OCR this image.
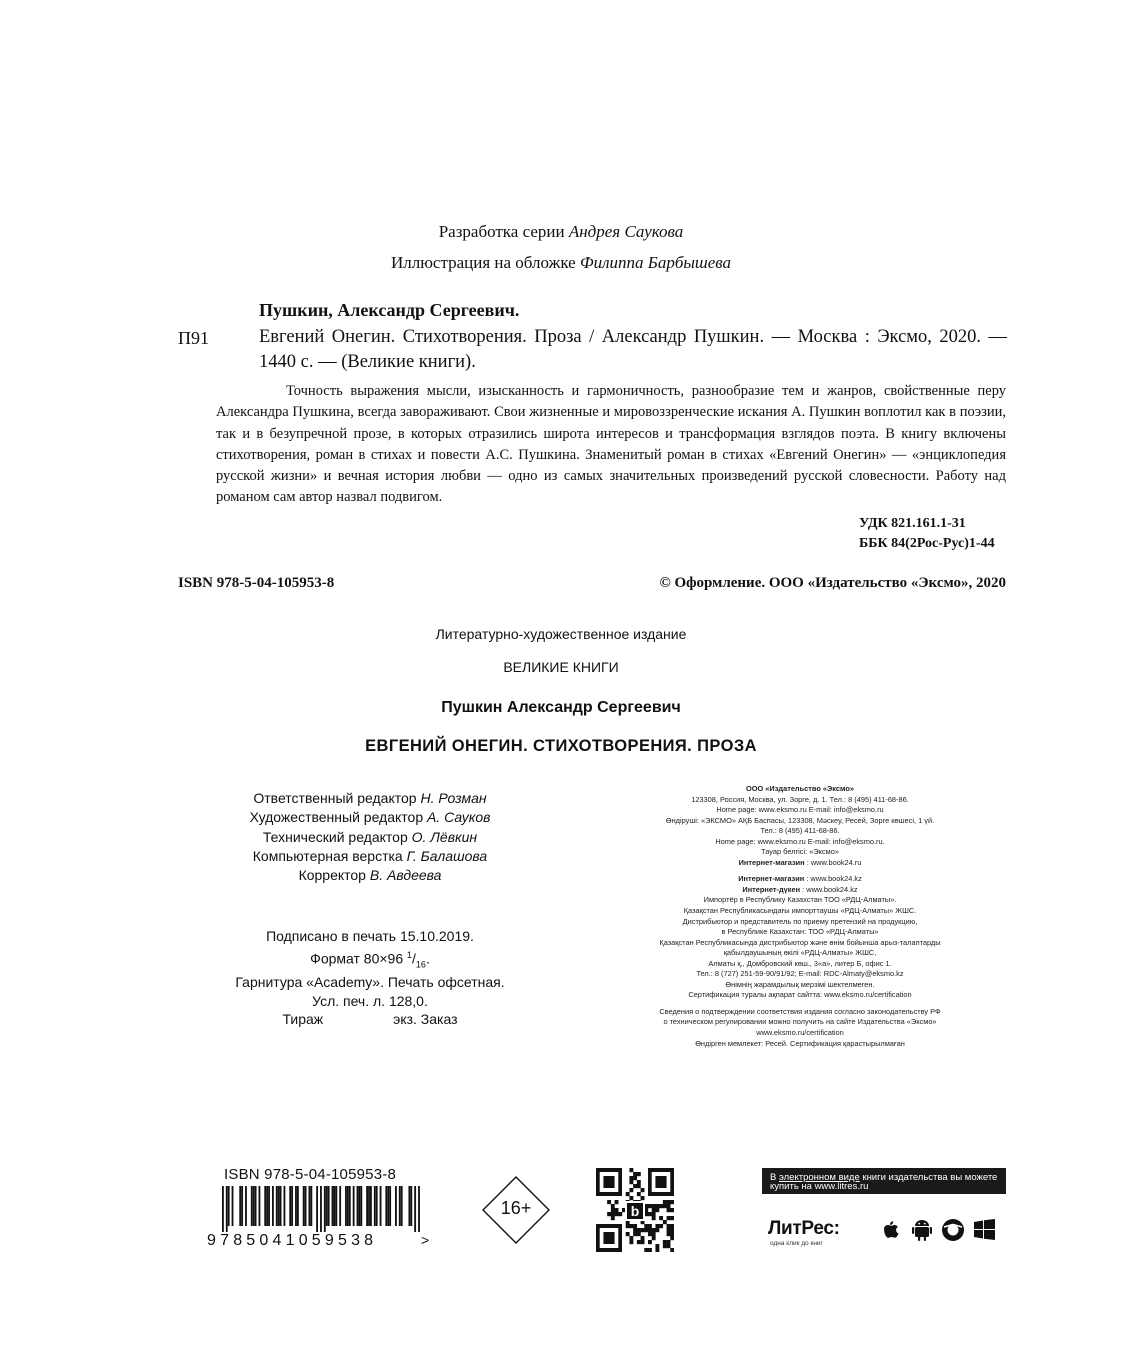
Разработка серии Андрея Саукова
Иллюстрация на обложке Филиппа Барбышева
Пушкин, Александр Сергеевич.
П91	Евгений Онегин. Стихотворения. Проза / Александр Пушкин. — Москва : Эксмо, 2020. — 1440 с. — (Великие книги).

Точность выражения мысли, изысканность и гармоничность, разнообразие тем и жанров, свойственные перу Александра Пушкина, всегда завораживают. Свои жизненные и мировоззренческие искания А. Пушкин воплотил как в поэзии, так и в безупречной прозе, в которых отразились широта интересов и трансформация взглядов поэта. В книгу включены стихотворения, роман в стихах и повести А.С. Пушкина. Знаменитый роман в стихах «Евгений Онегин» — «энциклопедия русской жизни» и вечная история любви — одно из самых значительных произведений русской словесности. Работу над романом сам автор назвал подвигом.

УДК 821.161.1-31
ББК 84(2Рос-Рус)1-44
ISBN 978-5-04-105953-8	© Оформление. ООО «Издательство «Эксмо», 2020
Литературно-художественное издание
ВЕЛИКИЕ КНИГИ
Пушкин Александр Сергеевич
ЕВГЕНИЙ ОНЕГИН. СТИХОТВОРЕНИЯ. ПРОЗА
Ответственный редактор Н. Розман
Художественный редактор А. Сауков
Технический редактор О. Лёвкин
Компьютерная верстка Г. Балашова
Корректор В. Авдеева
Подписано в печать 15.10.2019.
Формат 80×96 $^1/_{16}$.
Гарнитура «Academy». Печать офсетная.
Усл. печ. л. 128,0.
Тираж	экз. Заказ
ООО «Издательство «Эксмо»
123308, Россия, Москва, ул. Зорге, д. 1. Тел.: 8 (495) 411-68-86.
Home page: www.eksmo.ru E-mail: info@eksmo.ru
Өндіруші: «ЭКСМО» АҚБ Баспасы, 123308, Мәскеу, Ресей, Зорге көшесі, 1 үй.
Тел.: 8 (495) 411-68-86.
Home page: www.eksmo.ru E-mail: info@eksmo.ru.
Тауар белгісі: «Эксмо»
Интернет-магазин : www.book24.ru
Интернет-магазин : www.book24.kz
Интернет-дүкен : www.book24.kz
Импортёр в Республику Казахстан ТОО «РДЦ-Алматы».
Қазақстан Республикасындағы импорттаушы «РДЦ-Алматы» ЖШС.
Дистрибьютор и представитель по приему претензий на продукцию,
в Республике Казахстан: ТОО «РДЦ-Алматы»
Қазақстан Республикасында дистрибьютор және өнім бойынша арыз-талаптарды
қабылдаушының өкілі «РДЦ-Алматы» ЖШС,
Алматы қ., Домбровский көш., 3«а», литер Б, офис 1.
Тел.: 8 (727) 251-59-90/91/92; E-mail: RDC-Almaty@eksmo.kz
Өнімнің жарамдылық мерзімі шектелмеген.
Сертификация туралы ақпарат сайтта: www.eksmo.ru/certification
Сведения о подтверждении соответствия издания согласно законодательству РФ
о техническом регулировании можно получить на сайте Издательства «Эксмо»
www.eksmo.ru/certification
Өндірген мемлекет: Ресей. Сертификация қарастырылмаған
ISBN 978-5-04-105953-8
9785041059538	>
16+	b
В электронном виде книги издательства вы можете
купить на www.litres.ru
ЛитРес:
одна клик до книг
